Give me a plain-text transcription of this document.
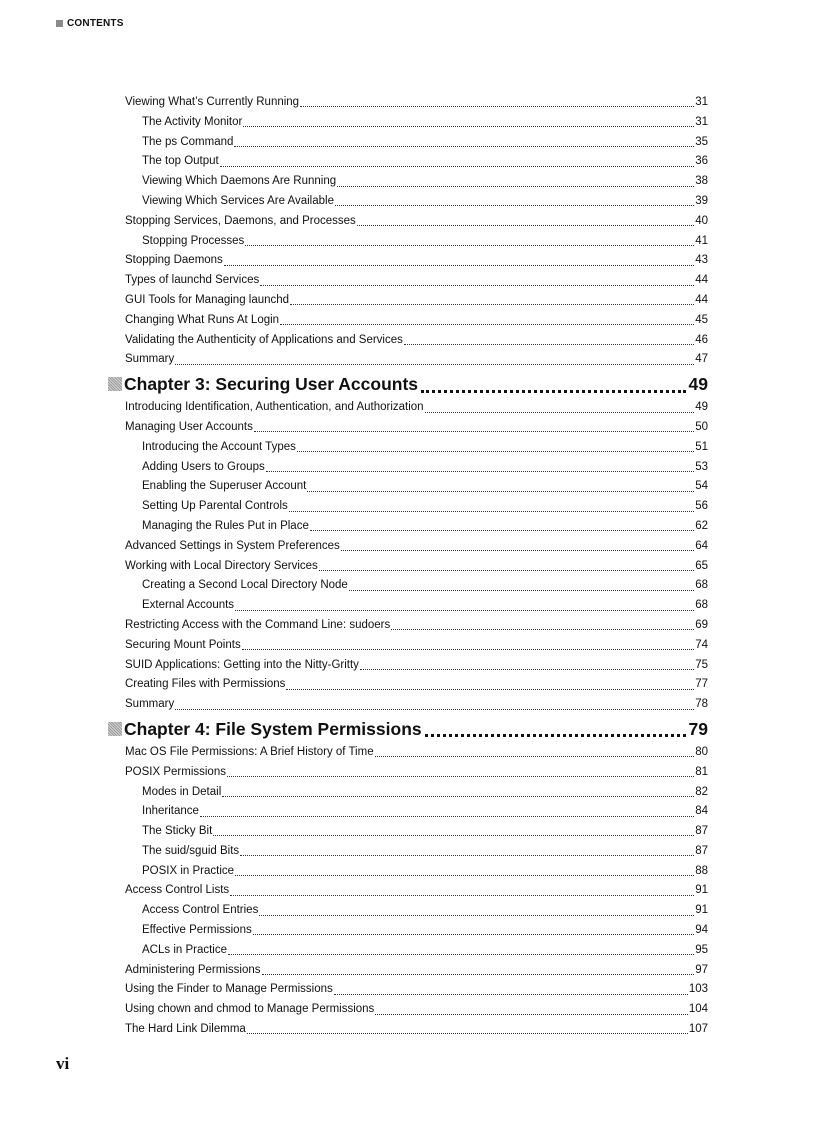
CONTENTS
Viewing What’s Currently Running	31
The Activity Monitor	31
The ps Command	35
The top Output	36
Viewing Which Daemons Are Running	38
Viewing Which Services Are Available	39
Stopping Services, Daemons, and Processes	40
Stopping Processes	41
Stopping Daemons	43
Types of launchd Services	44
GUI Tools for Managing launchd	44
Changing What Runs At Login	45
Validating the Authenticity of Applications and Services	46
Summary	47
Chapter 3: Securing User Accounts	49
Introducing Identification, Authentication, and Authorization	49
Managing User Accounts	50
Introducing the Account Types	51
Adding Users to Groups	53
Enabling the Superuser Account	54
Setting Up Parental Controls	56
Managing the Rules Put in Place	62
Advanced Settings in System Preferences	64
Working with Local Directory Services	65
Creating a Second Local Directory Node	68
External Accounts	68
Restricting Access with the Command Line: sudoers	69
Securing Mount Points	74
SUID Applications: Getting into the Nitty-Gritty	75
Creating Files with Permissions	77
Summary	78
Chapter 4: File System Permissions	79
Mac OS File Permissions: A Brief History of Time	80
POSIX Permissions	81
Modes in Detail	82
Inheritance	84
The Sticky Bit	87
The suid/sguid Bits	87
POSIX in Practice	88
Access Control Lists	91
Access Control Entries	91
Effective Permissions	94
ACLs in Practice	95
Administering Permissions	97
Using the Finder to Manage Permissions	103
Using chown and chmod to Manage Permissions	104
The Hard Link Dilemma	107
vi
